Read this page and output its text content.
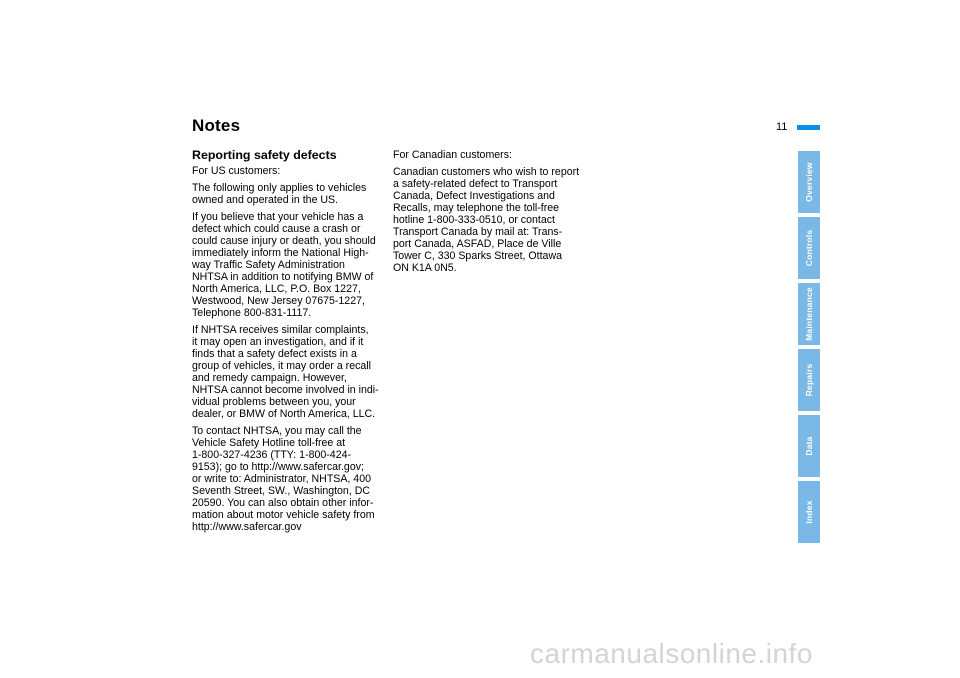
Notes	11
Reporting safety defects

For US customers:

The following only applies to vehicles
owned and operated in the US.

If you believe that your vehicle has a
defect which could cause a crash or
could cause injury or death, you should
immediately inform the National High-
way Traffic Safety Administration
NHTSA in addition to notifying BMW of
North America, LLC, P.O. Box 1227,
Westwood, New Jersey 07675-1227,
Telephone 800-831-1117.

If NHTSA receives similar complaints,
it may open an investigation, and if it
finds that a safety defect exists in a
group of vehicles, it may order a recall
and remedy campaign. However,
NHTSA cannot become involved in indi-
vidual problems between you, your
dealer, or BMW of North America, LLC.

To contact NHTSA, you may call the
Vehicle Safety Hotline toll-free at
1-800-327-4236 (TTY: 1-800-424-
9153); go to http://www.safercar.gov;
or write to: Administrator, NHTSA, 400
Seventh Street, SW., Washington, DC
20590. You can also obtain other infor-
mation about motor vehicle safety from
http://www.safercar.gov

For Canadian customers:

Canadian customers who wish to report
a safety-related defect to Transport
Canada, Defect Investigations and
Recalls, may telephone the toll-free
hotline 1-800-333-0510, or contact
Transport Canada by mail at: Trans-
port Canada, ASFAD, Place de Ville
Tower C, 330 Sparks Street, Ottawa
ON K1A 0N5.

Overview
Controls
Maintenance
Repairs
Data
Index
carmanualsonline.info
